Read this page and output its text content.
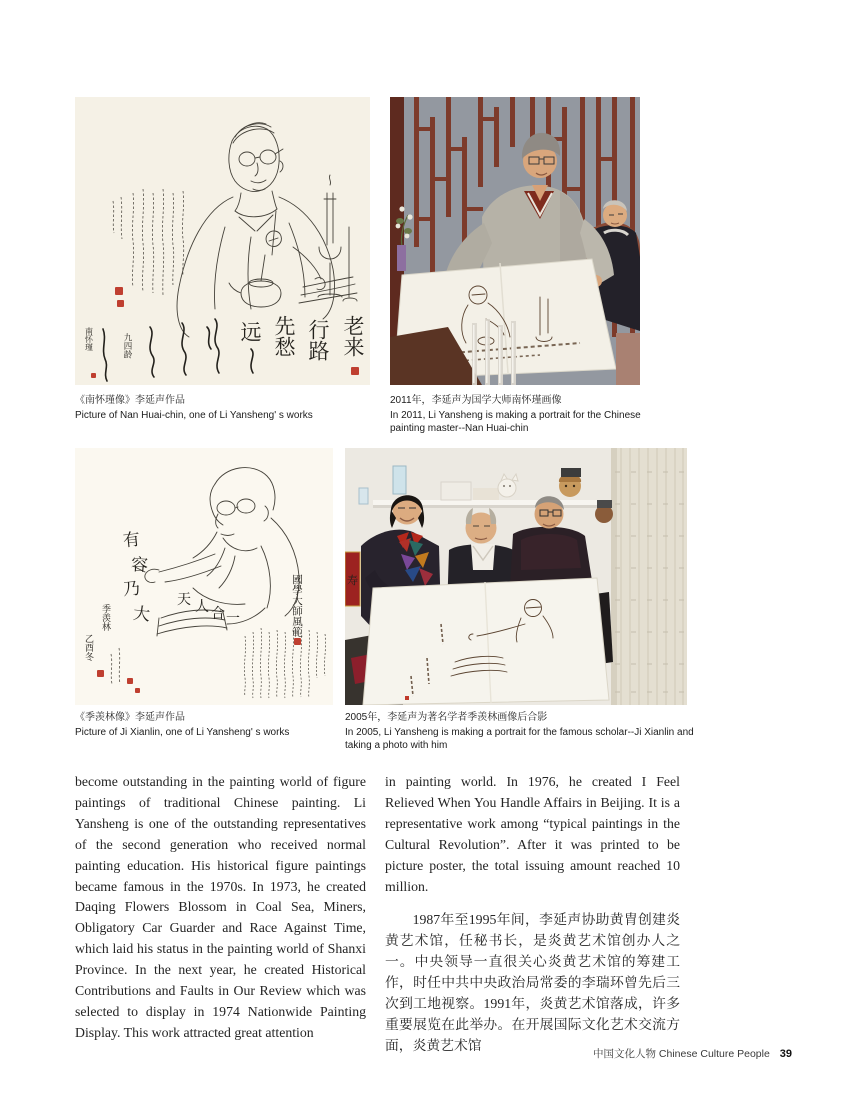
老来
行路
先愁
远
九四龄
南怀瑾
《南怀瑾像》李延声作品
Picture of Nan Huai-chin, one of Li Yansheng' s works
2011年，李延声为国学大师南怀瑾画像
In 2011, Li Yansheng is making a portrait for the Chinese painting master--Nan Huai-chin
有
容
乃
大
天 人 合 一
季羡林
乙酉冬
國學大師風範	寿
《季羡林像》李延声作品
Picture of Ji Xianlin, one of Li Yansheng' s works
2005年，李延声为著名学者季羡林画像后合影
In 2005, Li Yansheng is making a portrait for the famous scholar--Ji Xianlin and taking a photo with him

become outstanding in the painting world of figure paintings of traditional Chinese painting. Li Yansheng is one of the outstanding representatives of the second generation who received normal painting education. His historical figure paintings became famous in the 1970s. In 1973, he created Daqing Flowers Blossom in Coal Sea, Miners, Obligatory Car Guarder and Race Against Time, which laid his status in the painting world of Shanxi Province. In the next year, he created Historical Contributions and Faults in Our Review which was selected to display in 1974 Nationwide Painting Display. This work attracted great attention

in painting world. In 1976, he created I Feel Relieved When You Handle Affairs in Beijing. It is a representative work among “typical paintings in the Cultural Revolution”. After it was printed to be picture poster, the total issuing amount reached 10 million.

1987年至1995年间，李延声协助黄胄创建炎黄艺术馆，任秘书长，是炎黄艺术馆创办人之一。中央领导一直很关心炎黄艺术馆的筹建工作，时任中共中央政治局常委的李瑞环曾先后三次到工地视察。1991年，炎黄艺术馆落成，许多重要展览在此举办。在开展国际文化艺术交流方面，炎黄艺术馆

中国文化人物 Chinese Culture People 39
